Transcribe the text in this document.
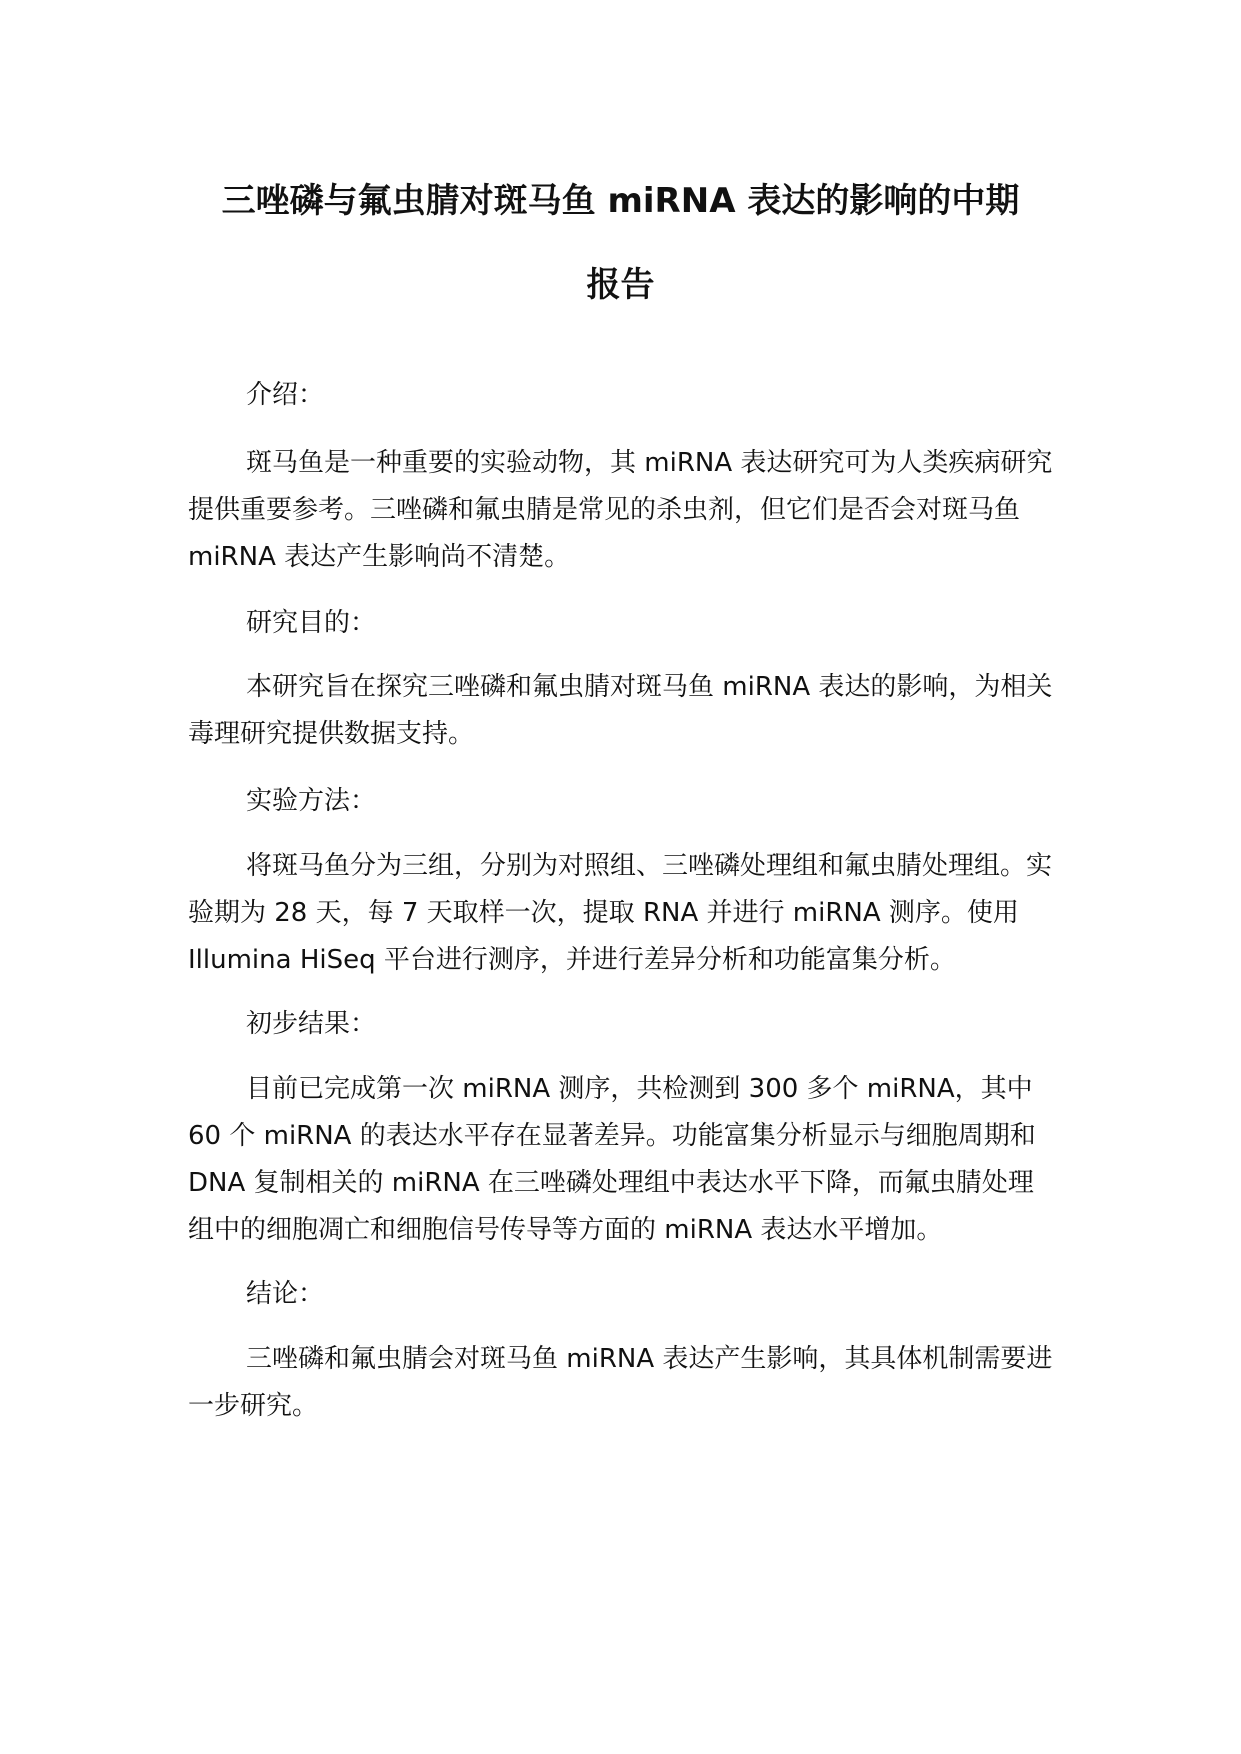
三唑磷与氟虫腈对斑马鱼 miRNA 表达的影响的中期
报告
介绍：

斑马鱼是一种重要的实验动物，其 miRNA 表达研究可为人类疾病研究提供重要参考。三唑磷和氟虫腈是常见的杀虫剂，但它们是否会对斑马鱼 miRNA 表达产生影响尚不清楚。

研究目的：

本研究旨在探究三唑磷和氟虫腈对斑马鱼 miRNA 表达的影响，为相关毒理研究提供数据支持。

实验方法：

将斑马鱼分为三组，分别为对照组、三唑磷处理组和氟虫腈处理组。实验期为 28 天，每 7 天取样一次，提取 RNA 并进行 miRNA 测序。使用 Illumina HiSeq 平台进行测序，并进行差异分析和功能富集分析。

初步结果：

目前已完成第一次 miRNA 测序，共检测到 300 多个 miRNA，其中 60 个 miRNA 的表达水平存在显著差异。功能富集分析显示与细胞周期和 DNA 复制相关的 miRNA 在三唑磷处理组中表达水平下降，而氟虫腈处理组中的细胞凋亡和细胞信号传导等方面的 miRNA 表达水平增加。

结论：

三唑磷和氟虫腈会对斑马鱼 miRNA 表达产生影响，其具体机制需要进一步研究。
